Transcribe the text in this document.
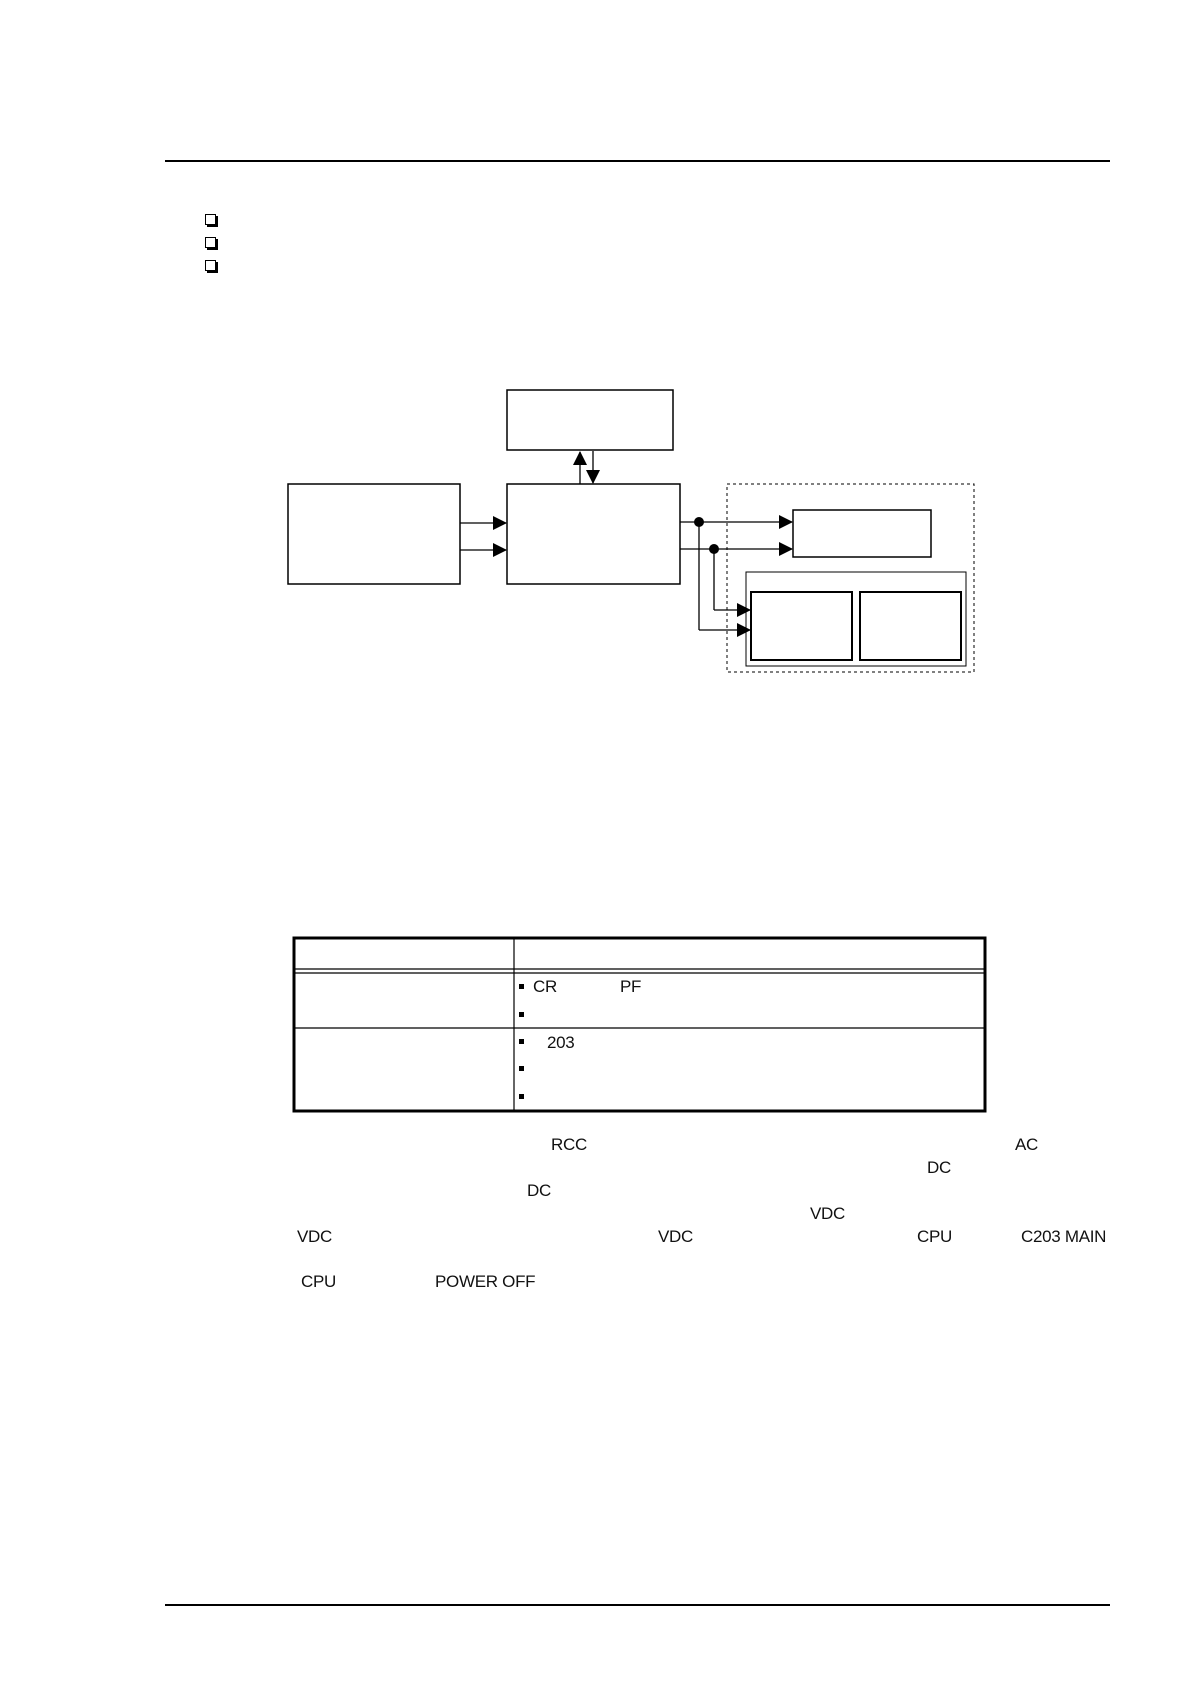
CR	PF
203
RCC	AC
DC
DC
VDC
VDC	VDC	CPU	C203 MAIN
CPU	POWER OFF
